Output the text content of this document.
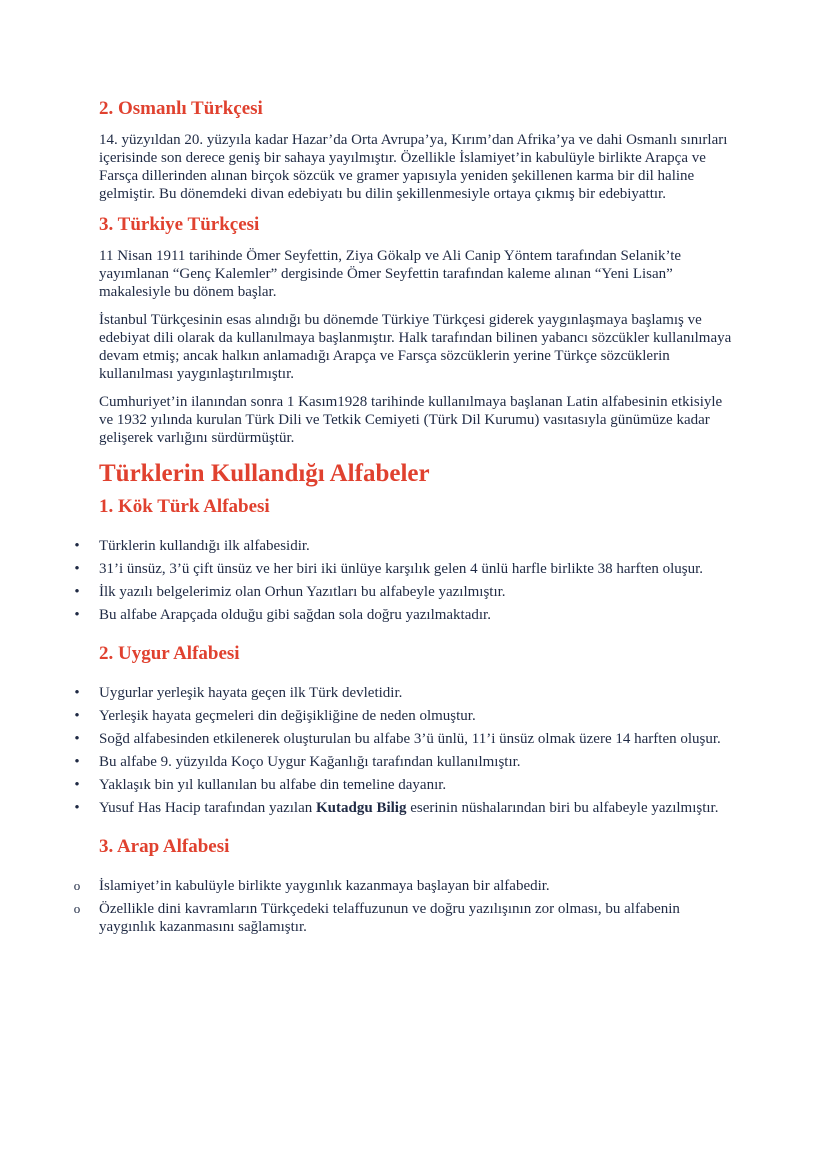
2. Osmanlı Türkçesi

14. yüzyıldan 20. yüzyıla kadar Hazar’da Orta Avrupa’ya, Kırım’dan Afrika’ya ve dahi Osmanlı sınırları içerisinde son derece geniş bir sahaya yayılmıştır. Özellikle İslamiyet’in kabulüyle birlikte Arapça ve Farsça dillerinden alınan birçok sözcük ve gramer yapısıyla yeniden şekillenen karma bir dil haline gelmiştir. Bu dönemdeki divan edebiyatı bu dilin şekillenmesiyle ortaya çıkmış bir edebiyattır.

3. Türkiye Türkçesi

11 Nisan 1911 tarihinde Ömer Seyfettin, Ziya Gökalp ve Ali Canip Yöntem tarafından Selanik’te yayımlanan “Genç Kalemler” dergisinde Ömer Seyfettin tarafından kaleme alınan “Yeni Lisan” makalesiyle bu dönem başlar.

İstanbul Türkçesinin esas alındığı bu dönemde Türkiye Türkçesi giderek yaygınlaşmaya başlamış ve edebiyat dili olarak da kullanılmaya başlanmıştır. Halk tarafından bilinen yabancı sözcükler kullanılmaya devam etmiş; ancak halkın anlamadığı Arapça ve Farsça sözcüklerin yerine Türkçe sözcüklerin kullanılması yaygınlaştırılmıştır.

Cumhuriyet’in ilanından sonra 1 Kasım1928 tarihinde kullanılmaya başlanan Latin alfabesinin etkisiyle ve 1932 yılında kurulan Türk Dili ve Tetkik Cemiyeti (Türk Dil Kurumu) vasıtasıyla günümüze kadar gelişerek varlığını sürdürmüştür.

Türklerin Kullandığı Alfabeler
1. Kök Türk Alfabesi
•
Türklerin kullandığı ilk alfabesidir.
•
31’i ünsüz, 3’ü çift ünsüz ve her biri iki ünlüye karşılık gelen 4 ünlü harfle birlikte 38 harften oluşur.
•
İlk yazılı belgelerimiz olan Orhun Yazıtları bu alfabeyle yazılmıştır.
•
Bu alfabe Arapçada olduğu gibi sağdan sola doğru yazılmaktadır.
2. Uygur Alfabesi
•
Uygurlar yerleşik hayata geçen ilk Türk devletidir.
•
Yerleşik hayata geçmeleri din değişikliğine de neden olmuştur.
•
Soğd alfabesinden etkilenerek oluşturulan bu alfabe 3’ü ünlü, 11’i ünsüz olmak üzere 14 harften oluşur.
•
Bu alfabe 9. yüzyılda Koço Uygur Kağanlığı tarafından kullanılmıştır.
•
Yaklaşık bin yıl kullanılan bu alfabe din temeline dayanır.
•
Yusuf Has Hacip tarafından yazılan Kutadgu Bilig eserinin nüshalarından biri bu alfabeyle yazılmıştır.
3. Arap Alfabesi
o
İslamiyet’in kabulüyle birlikte yaygınlık kazanmaya başlayan bir alfabedir.
o
Özellikle dini kavramların Türkçedeki telaffuzunun ve doğru yazılışının zor olması, bu alfabenin yaygınlık kazanmasını sağlamıştır.
